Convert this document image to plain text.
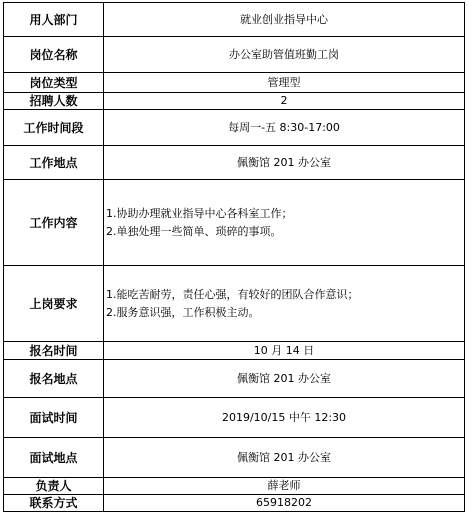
用人部门	就业创业指导中心
岗位名称	办公室助管值班勤工岗
岗位类型	管理型
招聘人数	2
工作时间段	每周一-五 8:30-17:00
工作地点	佩衡馆 201 办公室
工作内容	1.协助办理就业指导中心各科室工作；
2.单独处理一些简单、琐碎的事项。

上岗要求	1.能吃苦耐劳，责任心强，有较好的团队合作意识；
2.服务意识强，工作积极主动。

报名时间	10 月 14 日
报名地点	佩衡馆 201 办公室
面试时间	2019/10/15 中午 12:30
面试地点	佩衡馆 201 办公室
负责人	薛老师
联系方式	65918202
